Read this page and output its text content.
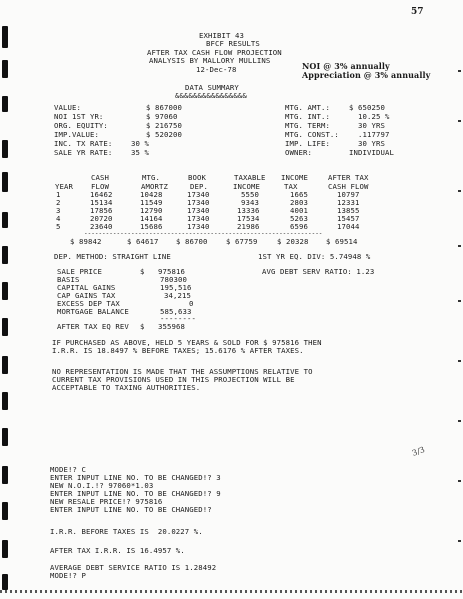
57
3/3
EXHIBIT 43
BFCF RESULTS
AFTER TAX CASH FLOW PROJECTION
ANALYSIS BY MALLORY MULLINS
12-Dec-78	NOI @ 3% annually
Appreciation @ 3% annually
DATA SUMMARY
&&&&&&&&&&&&&&&&
VALUE:	$ 867000	MTG. AMT.:	$ 650250
NOI 1ST YR:	$ 97060	MTG. INT.:	10.25 %
ORG. EQUITY:	$ 216750	MTG. TERM:	30 YRS
IMP.VALUE:	$ 520200	MTG. CONST.:	.117797
INC. TX RATE:	30 %	IMP. LIFE:	30 YRS
SALE YR RATE:	35 %	OWNER:	INDIVIDUAL
CASH	MTG.	BOOK	TAXABLE INCOME	AFTER TAX
YEAR FLOW	AMORTZ	DEP.	INCOME	TAX	CASH FLOW
1	16462	10428	17340	5550	1665	10797
2	15134	11549	17340	9343	2803	12331
3	17856	12790	17340	13336	4001	13855
4	20720	14164	17340	17534	5263	15457
5	23640	15686	17340	21986	6596	17044
------------------------------------------------------------------
$ 89842	$ 64617 $ 86700	$ 67759	$ 20328 $ 69514
DEP. METHOD: STRAIGHT LINE	1ST YR EQ. DIV: 5.74948 %
SALE PRICE	$   975816
BASIS	780300
CAPITAL GAINS	195,516
CAP GAINS TAX	34,215
EXCESS DEP TAX	0
MORTGAGE BALANCE	585,633
--------
AFTER TAX EQ REV $   355968
AVG DEBT SERV RATIO: 1.23
IF PURCHASED AS ABOVE, HELD 5 YEARS & SOLD FOR $ 975816 THEN
I.R.R. IS 18.8497 % BEFORE TAXES; 15.6176 % AFTER TAXES.
NO REPRESENTATION IS MADE THAT THE ASSUMPTIONS RELATIVE TO
CURRENT TAX PROVISIONS USED IN THIS PROJECTION WILL BE
ACCEPTABLE TO TAXING AUTHORITIES.
MODE!? C
ENTER INPUT LINE NO. TO BE CHANGED!? 3
NEW N.O.I.!? 97060*1.03
ENTER INPUT LINE NO. TO BE CHANGED!? 9
NEW RESALE PRICE!? 975816
ENTER INPUT LINE NO. TO BE CHANGED!?
I.R.R. BEFORE TAXES IS  20.0227 %.
AFTER TAX I.R.R. IS 16.4957 %.
AVERAGE DEBT SERVICE RATIO IS 1.28492
MODE!? P
